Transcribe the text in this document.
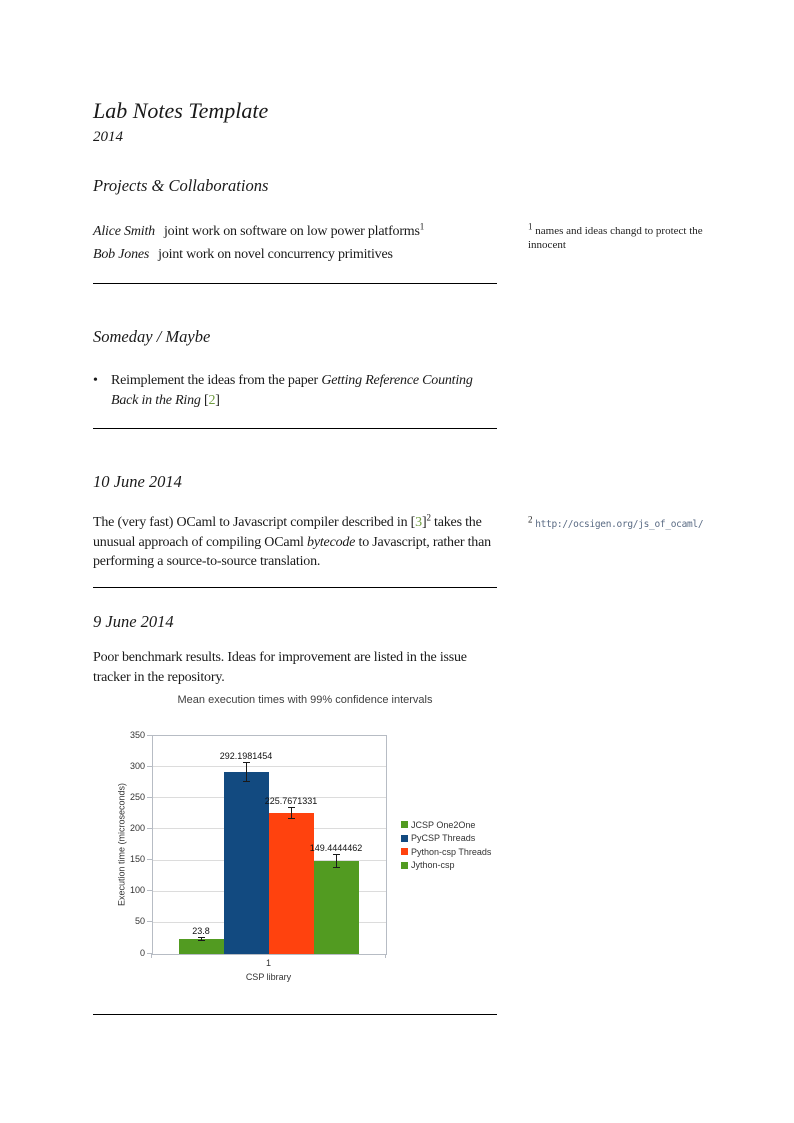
Lab Notes Template
2014
Projects & Collaborations
Alice Smith joint work on software on low power platforms$^1$
Bob Jones joint work on novel concurrency primitives
Someday / Maybe
• Reimplement the ideas from the paper Getting Reference Counting Back in the Ring [2]
10 June 2014

The (very fast) OCaml to Javascript compiler described in $[3]^2$ takes the unusual approach of compiling OCaml bytecode to Javascript, rather than performing a source-to-source translation.

9 June 2014

Poor benchmark results. Ideas for improvement are listed in the issue tracker in the repository.

Mean execution times with 99% confidence intervals
Execution time (microseconds)
23.8
292.1981454
225.7671331
149.4444462
1
CSP library
JCSP One2One
PyCSP Threads
Python-csp Threads
Jython-csp
0
50
100
150
200
250
300
350
$^1$ names and ideas changd to protect the innocent
$^2$ http://ocsigen.org/js_of_ocaml/
